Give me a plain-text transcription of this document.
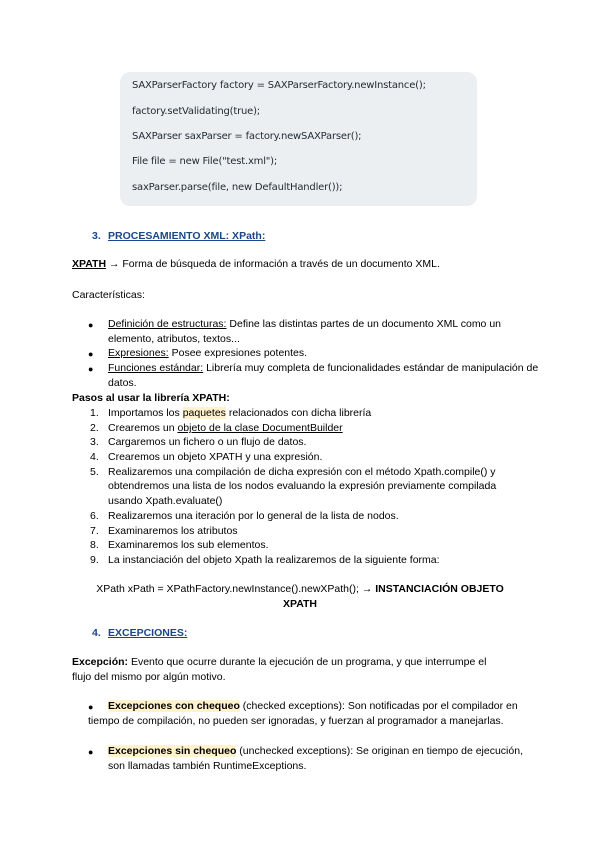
SAXParserFactory factory = SAXParserFactory.newInstance();
factory.setValidating(true);
SAXParser saxParser = factory.newSAXParser();
File file = new File("test.xml");
saxParser.parse(file, new DefaultHandler());
3. PROCESAMIENTO XML: XPath:
XPATH → Forma de búsqueda de información a través de un documento XML.
Características:
● Definición de estructuras: Define las distintas partes de un documento XML como un
elemento, atributos, textos...
● Expresiones: Posee expresiones potentes.
● Funciones estándar: Librería muy completa de funcionalidades estándar de manipulación de
datos.
Pasos al usar la librería XPATH:
1. Importamos los paquetes relacionados con dicha librería
2. Crearemos un objeto de la clase DocumentBuilder
3. Cargaremos un fichero o un flujo de datos.
4. Crearemos un objeto XPATH y una expresión.
5. Realizaremos una compilación de dicha expresión con el método Xpath.compile() y
obtendremos una lista de los nodos evaluando la expresión previamente compilada
usando Xpath.evaluate()
6. Realizaremos una iteración por lo general de la lista de nodos.
7. Examinaremos los atributos
8. Examinaremos los sub elementos.
9. La instanciación del objeto Xpath la realizaremos de la siguiente forma:
XPath xPath = XPathFactory.newInstance().newXPath(); → INSTANCIACIÓN OBJETO
XPATH
4. EXCEPCIONES:
Excepción: Evento que ocurre durante la ejecución de un programa, y que interrumpe el
flujo del mismo por algún motivo.
● Excepciones con chequeo (checked exceptions): Son notificadas por el compilador en
tiempo de compilación, no pueden ser ignoradas, y fuerzan al programador a manejarlas.
● Excepciones sin chequeo (unchecked exceptions): Se originan en tiempo de ejecución,
son llamadas también RuntimeExceptions.
